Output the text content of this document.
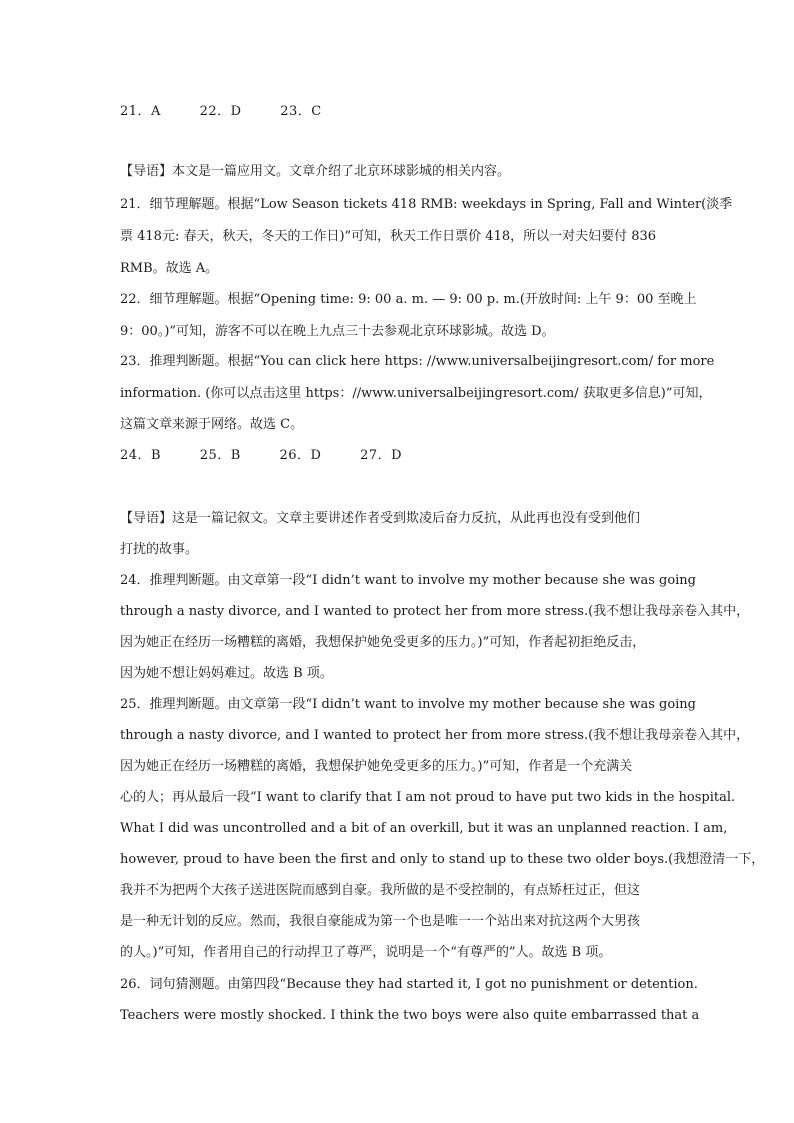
21．A	22．D	23．C
【导语】本文是一篇应用文。文章介绍了北京环球影城的相关内容。
21．细节理解题。根据“Low Season tickets 418 RMB: weekdays in Spring, Fall and Winter(淡季
票 418元: 春天，秋天，冬天的工作日)”可知，秋天工作日票价 418，所以一对夫妇要付 836
RMB。故选 A。
22．细节理解题。根据“Opening time: 9: 00 a. m. — 9: 00 p. m.(开放时间: 上午 9：00 至晚上
9：00。)”可知，游客不可以在晚上九点三十去参观北京环球影城。故选 D。
23．推理判断题。根据“You can click here https: //www.universalbeijingresort.com/ for more
information. (你可以点击这里 https：//www.universalbeijingresort.com/ 获取更多信息)”可知，
这篇文章来源于网络。故选 C。
24．B	25．B	26．D	27．D
【导语】这是一篇记叙文。文章主要讲述作者受到欺凌后奋力反抗，从此再也没有受到他们
打扰的故事。
24．推理判断题。由文章第一段“I didn’t want to involve my mother because she was going
through a nasty divorce, and I wanted to protect her from more stress.(我不想让我母亲卷入其中，
因为她正在经历一场糟糕的离婚，我想保护她免受更多的压力。)”可知，作者起初拒绝反击，
因为她不想让妈妈难过。故选 B 项。
25．推理判断题。由文章第一段“I didn’t want to involve my mother because she was going
through a nasty divorce, and I wanted to protect her from more stress.(我不想让我母亲卷入其中，
因为她正在经历一场糟糕的离婚，我想保护她免受更多的压力。)”可知，作者是一个充满关
心的人；再从最后一段“I want to clarify that I am not proud to have put two kids in the hospital.
What I did was uncontrolled and a bit of an overkill, but it was an unplanned reaction. I am,
however, proud to have been the first and only to stand up to these two older boys.(我想澄清一下，
我并不为把两个大孩子送进医院而感到自豪。我所做的是不受控制的，有点矫枉过正，但这
是一种无计划的反应。然而，我很自豪能成为第一个也是唯一一个站出来对抗这两个大男孩
的人。)”可知，作者用自己的行动捍卫了尊严，说明是一个“有尊严的”人。故选 B 项。
26．词句猜测题。由第四段“Because they had started it, I got no punishment or detention.
Teachers were mostly shocked. I think the two boys were also quite embarrassed that a
